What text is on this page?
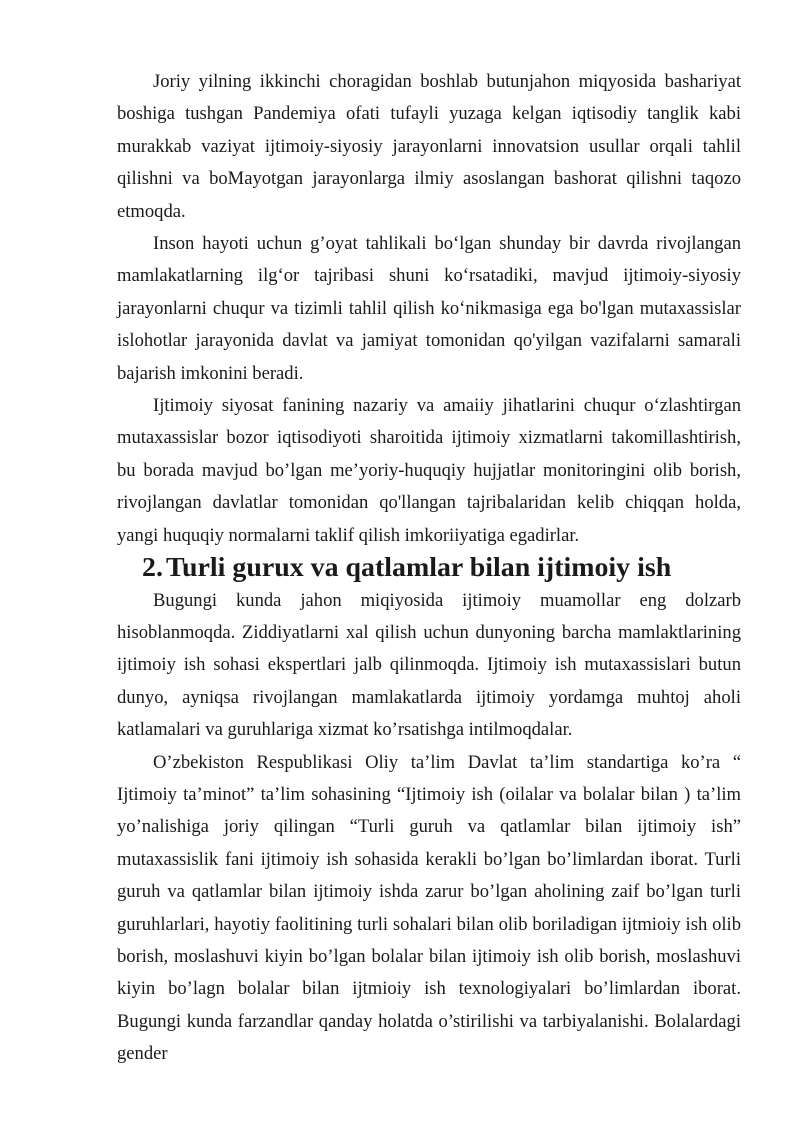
Joriy yilning ikkinchi choragidan boshlab butunjahon miqyosida bashariyat boshiga tushgan Pandemiya ofati tufayli yuzaga kelgan iqtisodiy tanglik kabi murakkab vaziyat ijtimoiy-siyosiy jarayonlarni innovatsion usullar orqali tahlil qilishni va boMayotgan jarayonlarga ilmiy asoslangan bashorat qilishni taqozo etmoqda.

Inson hayoti uchun g’oyat tahlikali boʻlgan shunday bir davrda rivojlangan mamlakatlarning ilgʻor tajribasi shuni koʻrsatadiki, mavjud ijtimoiy-siyosiy jarayonlarni chuqur va tizimli tahlil qilish koʻnikmasiga ega bo'lgan mutaxassislar islohotlar jarayonida davlat va jamiyat tomonidan qo'yilgan vazifalarni samarali bajarish imkonini beradi.

Ijtimoiy siyosat fanining nazariy va amaiiy jihatlarini chuqur oʻzlashtirgan mutaxassislar bozor iqtisodiyoti sharoitida ijtimoiy xizmatlarni takomillashtirish, bu borada mavjud bo’lgan me’yoriy-huquqiy hujjatlar monitoringini olib borish, rivojlangan davlatlar tomonidan qo'llangan tajribalaridan kelib chiqqan holda, yangi huquqiy normalarni taklif qilish imkoriiyatiga egadirlar.

2. Turli gurux va qatlamlar bilan ijtimoiy ish

Bugungi kunda jahon miqiyosida ijtimoiy muamollar eng dolzarb hisoblanmoqda. Ziddiyatlarni xal qilish uchun dunyoning barcha mamlaktlarining ijtimoiy ish sohasi ekspertlari jalb qilinmoqda. Ijtimoiy ish mutaxassislari butun dunyo, ayniqsa rivojlangan mamlakatlarda ijtimoiy yordamga muhtoj aholi katlamalari va guruhlariga xizmat ko’rsatishga intilmoqdalar.

O’zbekiston Respublikasi Oliy ta’lim Davlat ta’lim standartiga ko’ra “ Ijtimoiy ta’minot” ta’lim sohasining “Ijtimoiy ish (oilalar va bolalar bilan ) ta’lim yo’nalishiga joriy qilingan “Turli guruh va qatlamlar bilan ijtimoiy ish” mutaxassislik fani ijtimoiy ish sohasida kerakli bo’lgan bo’limlardan iborat. Turli guruh va qatlamlar bilan ijtimoiy ishda zarur bo’lgan aholining zaif bo’lgan turli guruhlarlari, hayotiy faolitining turli sohalari bilan olib boriladigan ijtmioiy ish olib borish, moslashuvi kiyin bo’lgan bolalar bilan ijtimoiy ish olib borish, moslashuvi kiyin bo’lagn bolalar bilan ijtmioiy ish texnologiyalari bo’limlardan iborat. Bugungi kunda farzandlar qanday holatda o’stirilishi va tarbiyalanishi. Bolalardagi gender
